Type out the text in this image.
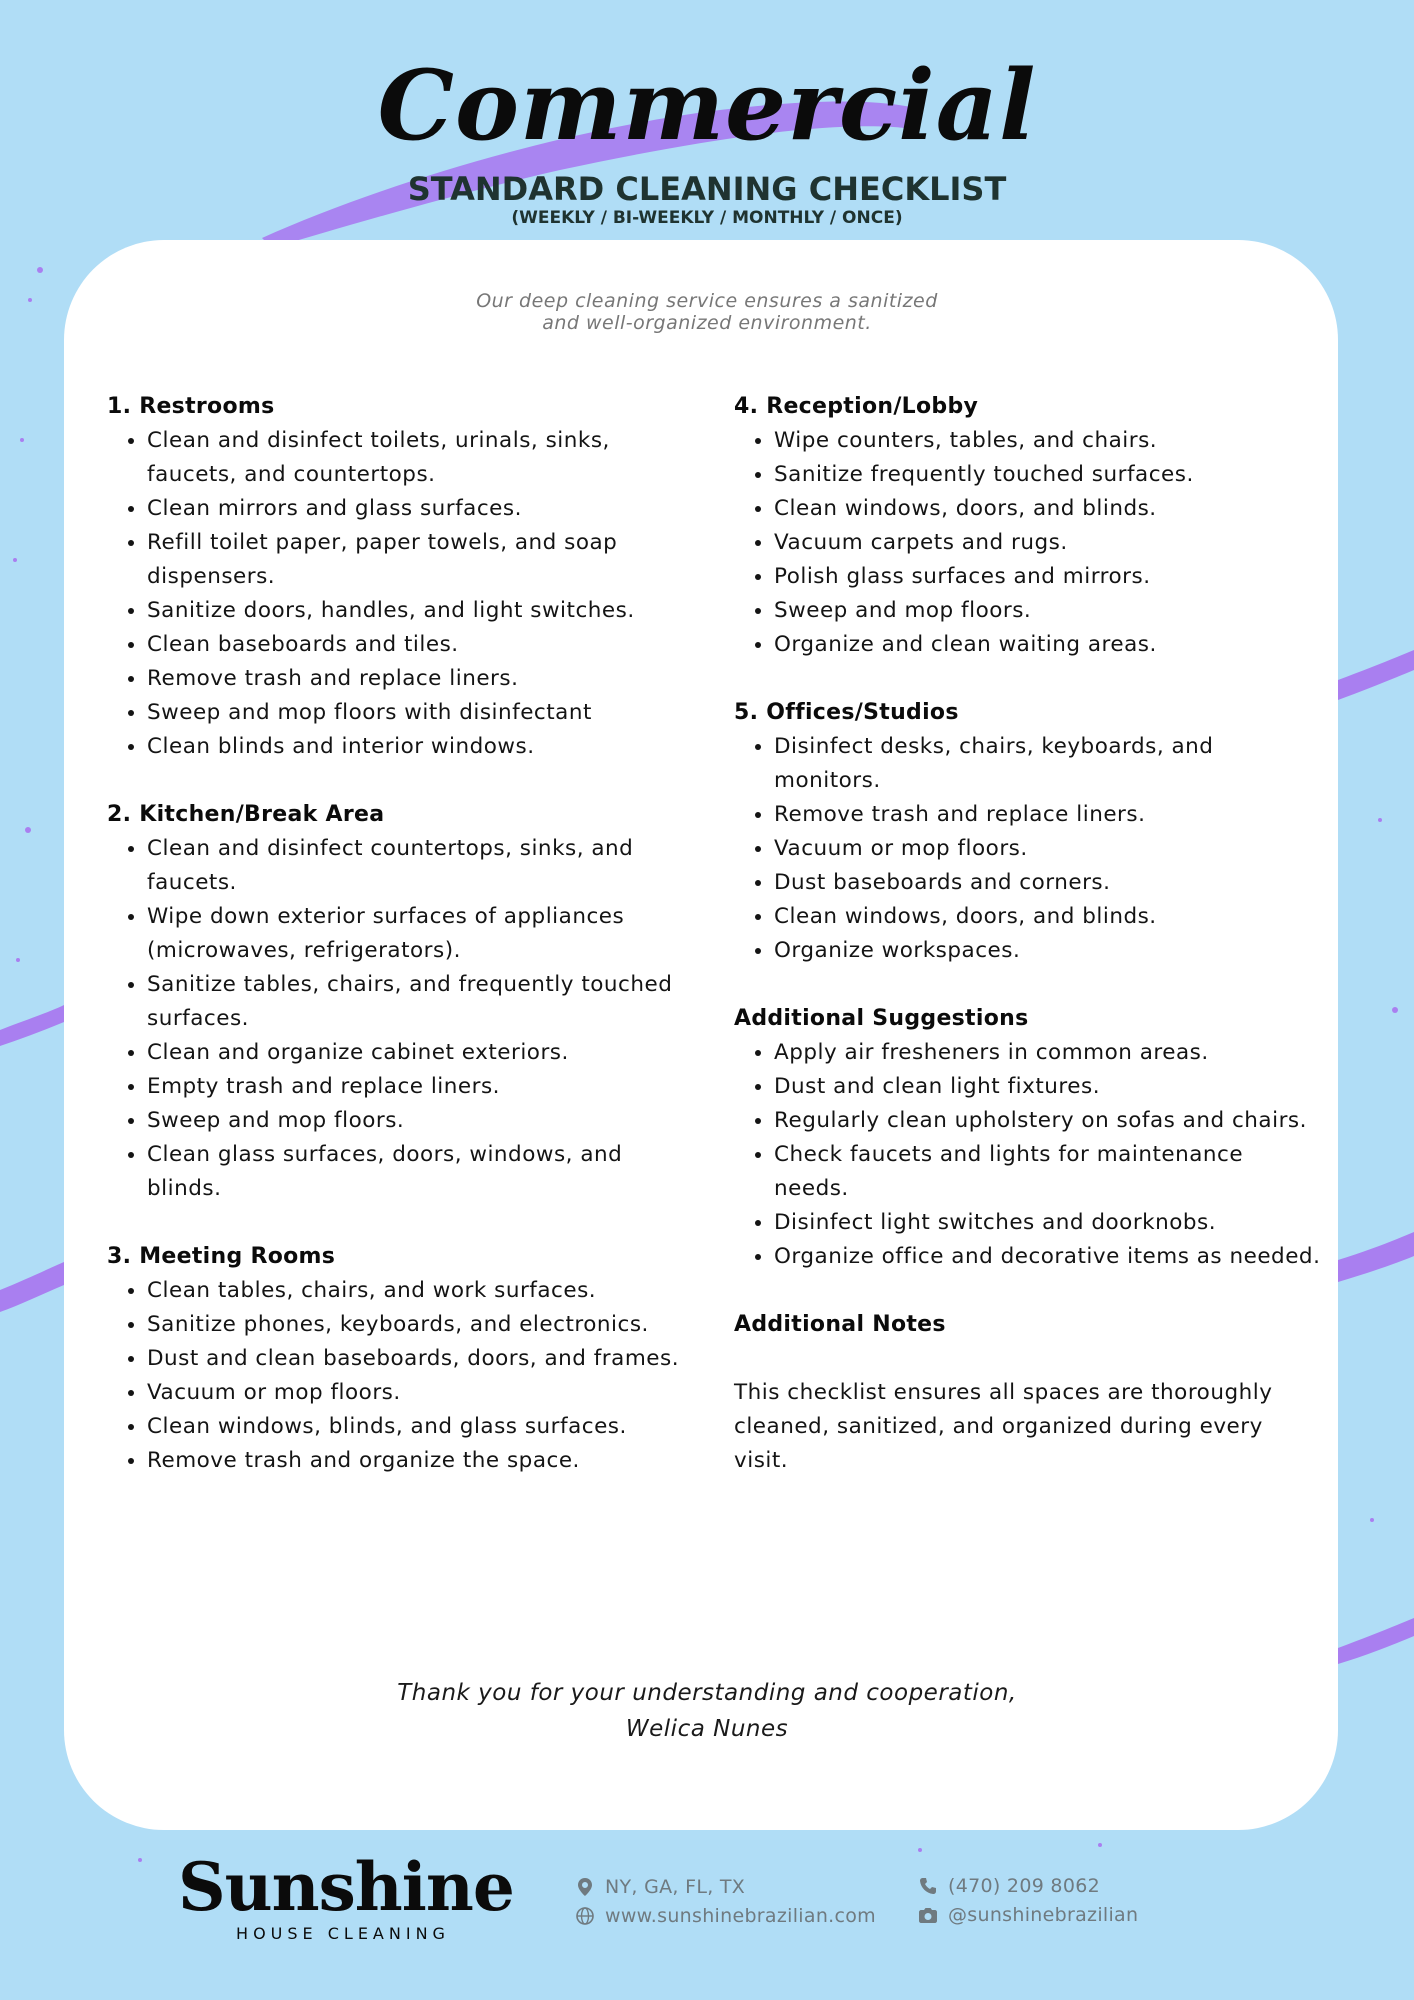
Commercial
STANDARD CLEANING CHECKLIST
(WEEKLY / BI-WEEKLY / MONTHLY / ONCE)
Our deep cleaning service ensures a sanitized
and well-organized environment.
1. Restrooms
• Clean and disinfect toilets, urinals, sinks, faucets, and countertops.
• Clean mirrors and glass surfaces.
• Refill toilet paper, paper towels, and soap dispensers.
• Sanitize doors, handles, and light switches.
• Clean baseboards and tiles.
• Remove trash and replace liners.
• Sweep and mop floors with disinfectant
• Clean blinds and interior windows.
2. Kitchen/Break Area
• Clean and disinfect countertops, sinks, and faucets.
• Wipe down exterior surfaces of appliances (microwaves, refrigerators).
• Sanitize tables, chairs, and frequently touched surfaces.
• Clean and organize cabinet exteriors.
• Empty trash and replace liners.
• Sweep and mop floors.
• Clean glass surfaces, doors, windows, and blinds.
3. Meeting Rooms
• Clean tables, chairs, and work surfaces.
• Sanitize phones, keyboards, and electronics.
• Dust and clean baseboards, doors, and frames.
• Vacuum or mop floors.
• Clean windows, blinds, and glass surfaces.
• Remove trash and organize the space.
4. Reception/Lobby
• Wipe counters, tables, and chairs.
• Sanitize frequently touched surfaces.
• Clean windows, doors, and blinds.
• Vacuum carpets and rugs.
• Polish glass surfaces and mirrors.
• Sweep and mop floors.
• Organize and clean waiting areas.
5. Offices/Studios
• Disinfect desks, chairs, keyboards, and monitors.
• Remove trash and replace liners.
• Vacuum or mop floors.
• Dust baseboards and corners.
• Clean windows, doors, and blinds.
• Organize workspaces.
Additional Suggestions
• Apply air fresheners in common areas.
• Dust and clean light fixtures.
• Regularly clean upholstery on sofas and chairs.
• Check faucets and lights for maintenance needs.
• Disinfect light switches and doorknobs.
• Organize office and decorative items as needed.
Additional Notes
This checklist ensures all spaces are thoroughly cleaned, sanitized, and organized during every visit.
Thank you for your understanding and cooperation,
Welica Nunes
Sunshine
HOUSE CLEANING
NY, GA, FL, TX
www.sunshinebrazilian.com
(470) 209 8062
@sunshinebrazilian
